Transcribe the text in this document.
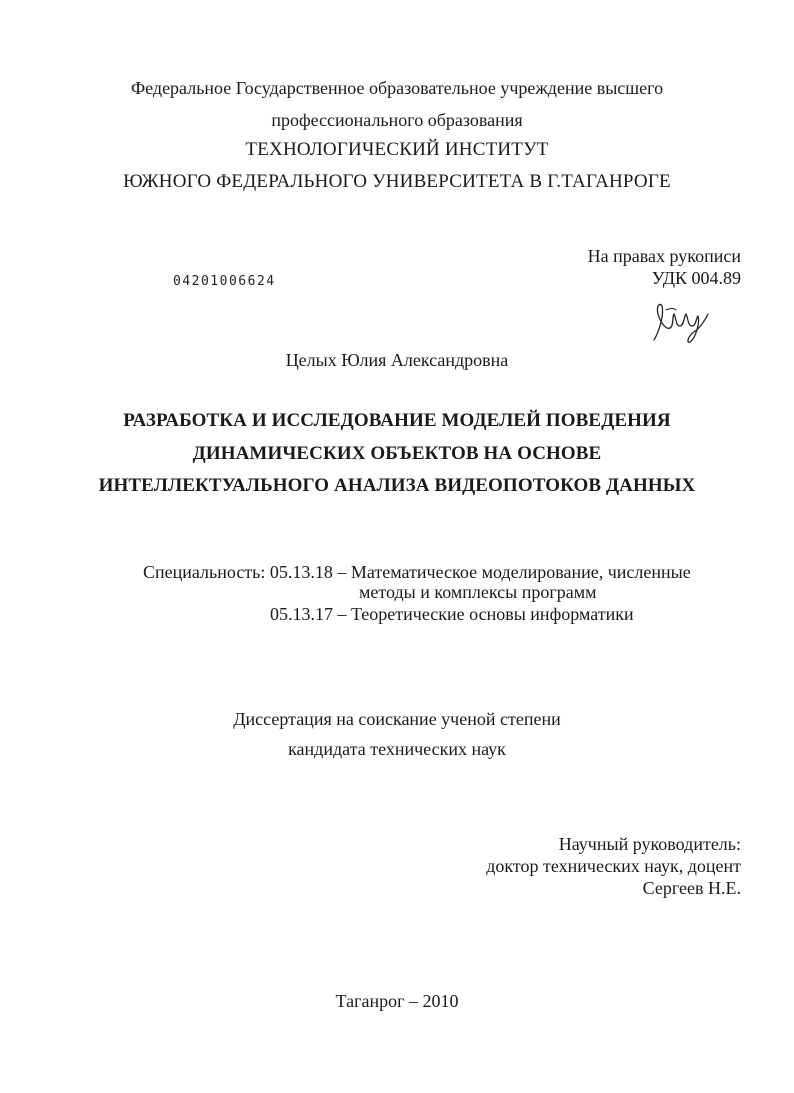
Федеральное Государственное образовательное учреждение высшего
профессионального образования
ТЕХНОЛОГИЧЕСКИЙ ИНСТИТУТ
ЮЖНОГО ФЕДЕРАЛЬНОГО УНИВЕРСИТЕТА В Г.ТАГАНРОГЕ
На правах рукописи
УДК 004.89
04201006624
Целых Юлия Александровна
РАЗРАБОТКА И ИССЛЕДОВАНИЕ МОДЕЛЕЙ ПОВЕДЕНИЯ
ДИНАМИЧЕСКИХ ОБЪЕКТОВ НА ОСНОВЕ
ИНТЕЛЛЕКТУАЛЬНОГО АНАЛИЗА ВИДЕОПОТОКОВ ДАННЫХ
Специальность: 05.13.18 – Математическое моделирование, численные
методы и комплексы программ
05.13.17 – Теоретические основы информатики
Диссертация на соискание ученой степени
кандидата технических наук
Научный руководитель:
доктор технических наук, доцент
Сергеев Н.Е.
Таганрог – 2010
